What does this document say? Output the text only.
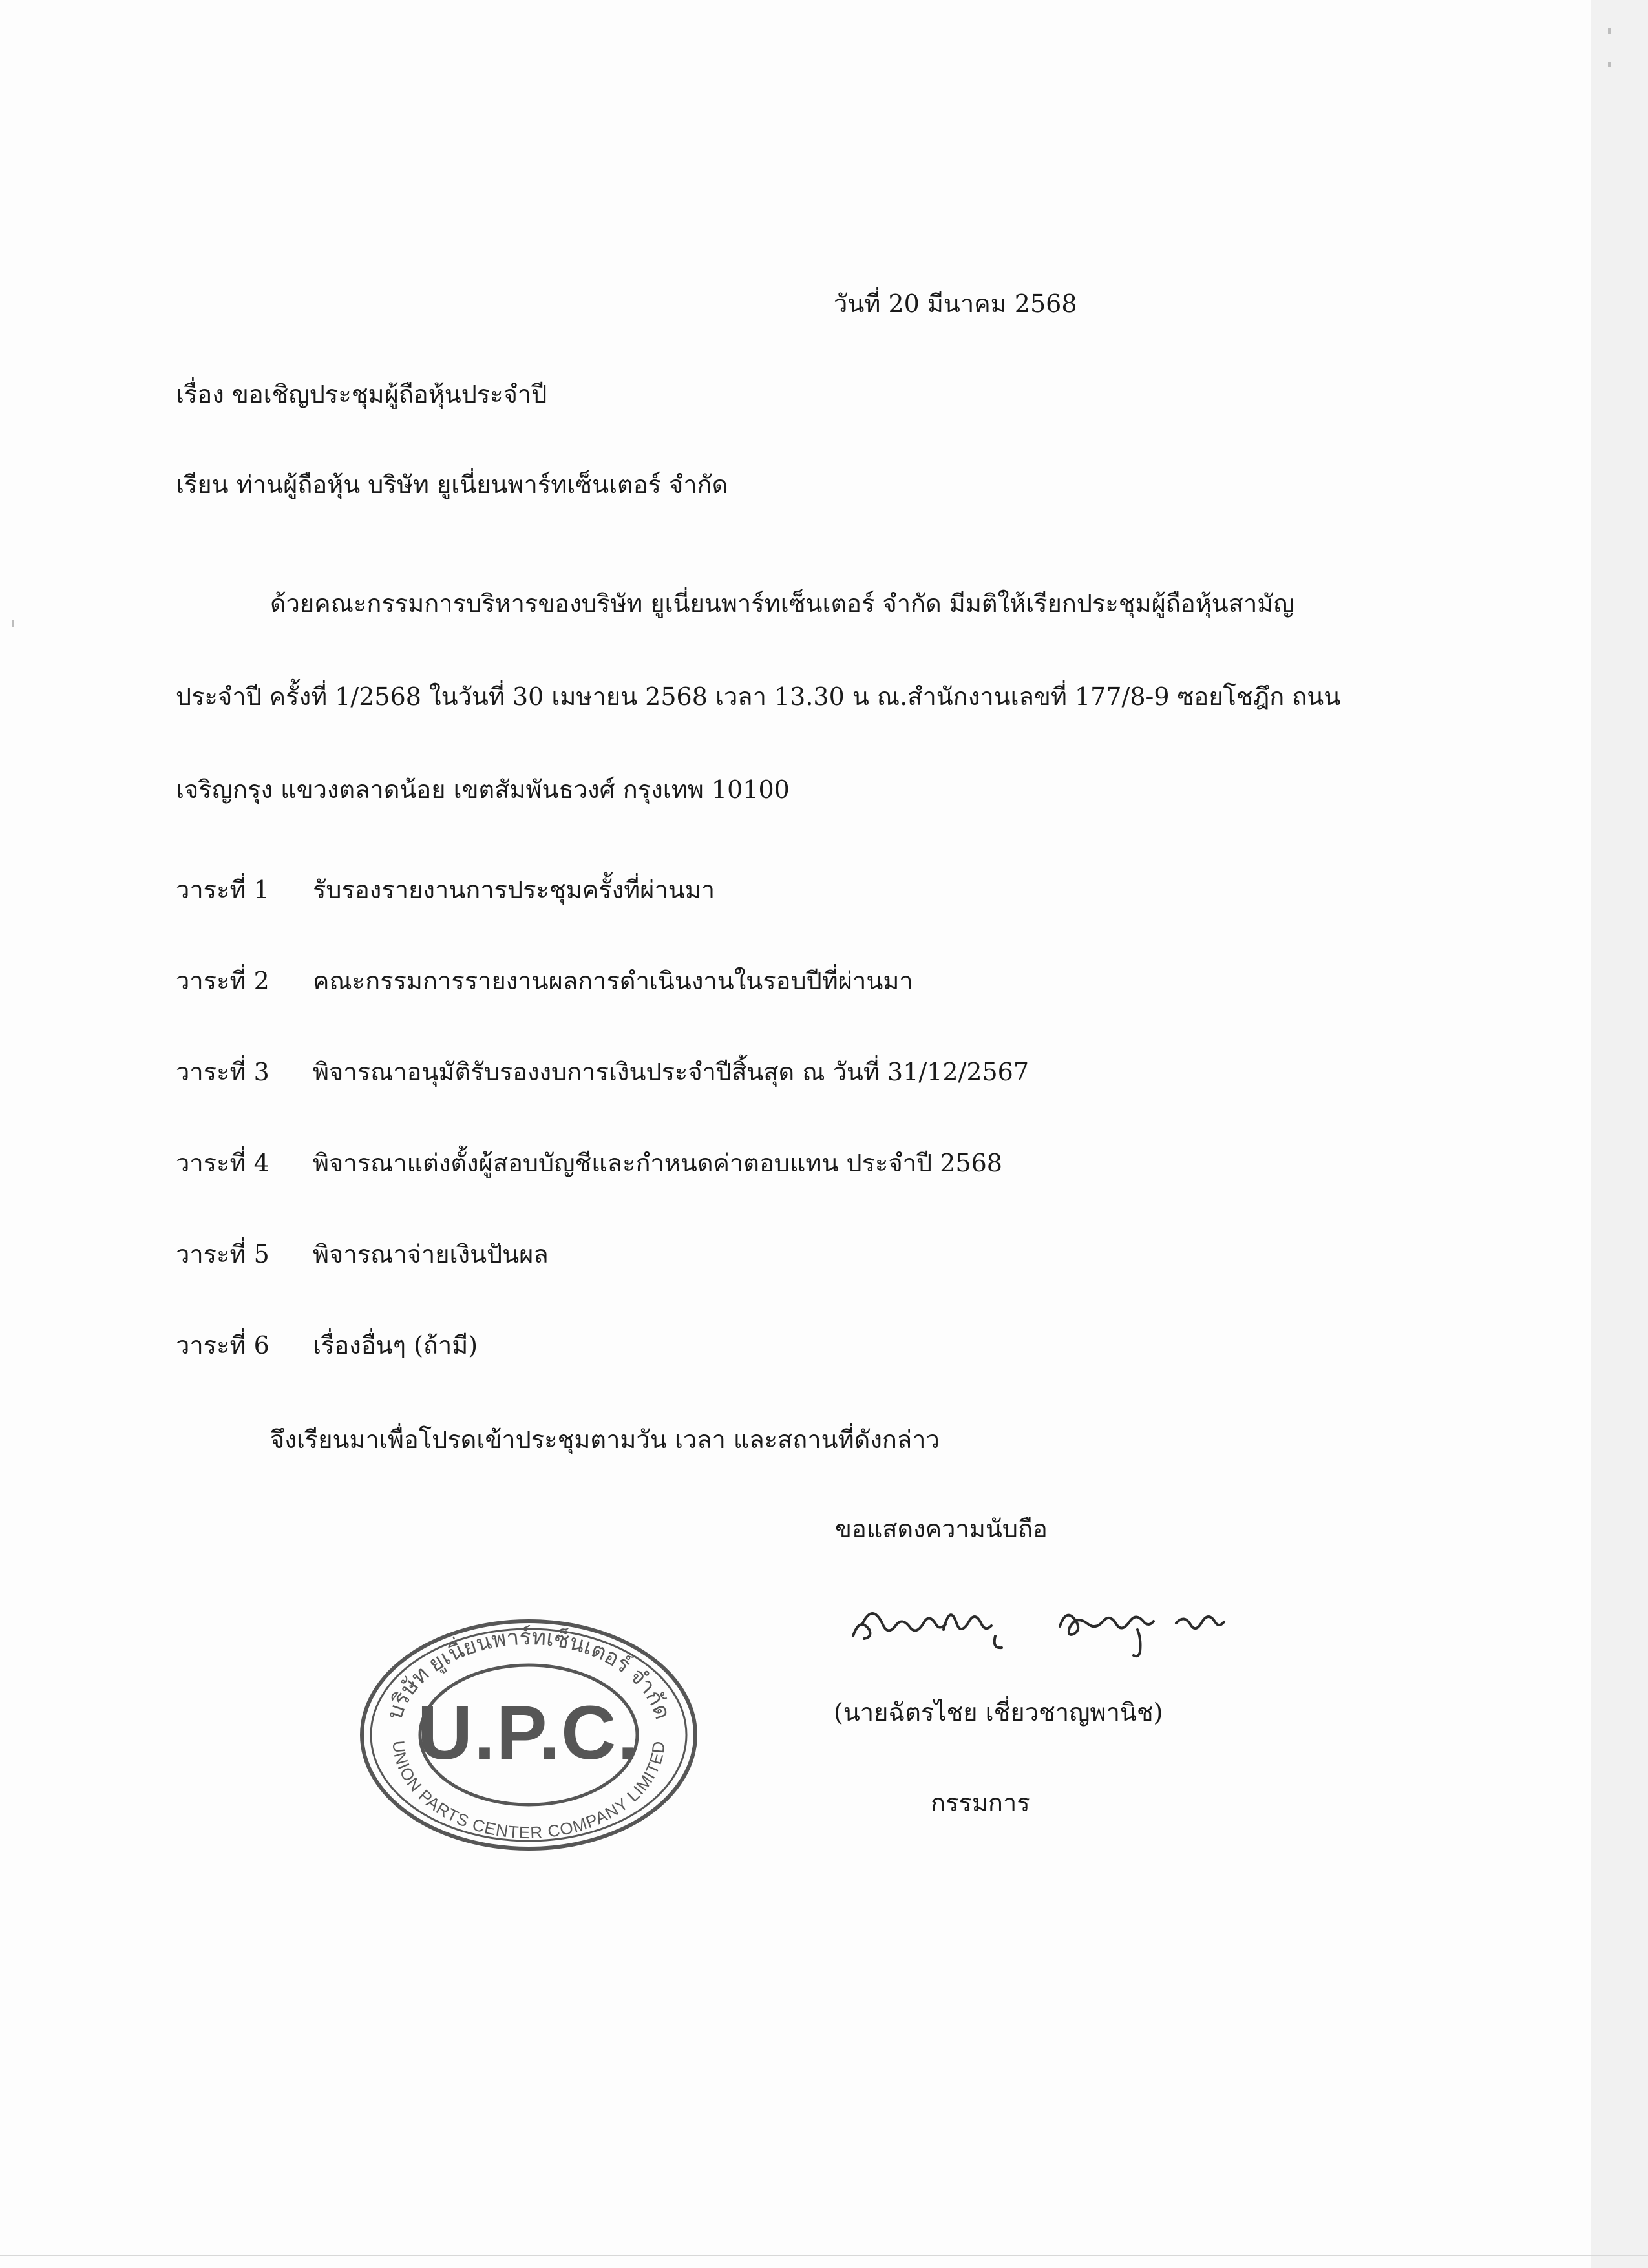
วันที่ 20 มีนาคม 2568
เรื่อง ขอเชิญประชุมผู้ถือหุ้นประจำปี
เรียน ท่านผู้ถือหุ้น บริษัท ยูเนี่ยนพาร์ทเซ็นเตอร์ จำกัด
ด้วยคณะกรรมการบริหารของบริษัท ยูเนี่ยนพาร์ทเซ็นเตอร์ จำกัด มีมติให้เรียกประชุมผู้ถือหุ้นสามัญ
ประจำปี ครั้งที่ 1/2568 ในวันที่ 30 เมษายน 2568 เวลา 13.30 น ณ.สำนักงานเลขที่ 177/8-9 ซอยโชฎึก ถนน
เจริญกรุง แขวงตลาดน้อย เขตสัมพันธวงศ์ กรุงเทพ 10100
วาระที่ 1 รับรองรายงานการประชุมครั้งที่ผ่านมา
วาระที่ 2 คณะกรรมการรายงานผลการดำเนินงานในรอบปีที่ผ่านมา
วาระที่ 3 พิจารณาอนุมัติรับรองงบการเงินประจำปีสิ้นสุด ณ วันที่ 31/12/2567
วาระที่ 4 พิจารณาแต่งตั้งผู้สอบบัญชีและกำหนดค่าตอบแทน ประจำปี 2568
วาระที่ 5 พิจารณาจ่ายเงินปันผล
วาระที่ 6 เรื่องอื่นๆ (ถ้ามี)
จึงเรียนมาเพื่อโปรดเข้าประชุมตามวัน เวลา และสถานที่ดังกล่าว
ขอแสดงความนับถือ
(นายฉัตรไชย เชี่ยวชาญพานิช)
กรรมการ
บริษัท ยูเนี่ยนพาร์ทเซ็นเตอร์ จำกัด
UNION PARTS CENTER COMPANY LIMITED
U.P.C.
